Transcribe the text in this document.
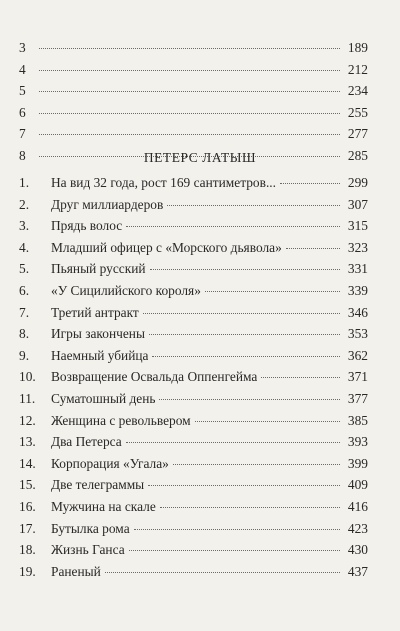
3	189
4	212
5	234
6	255
7	277
8	285
ПЕТЕРС ЛАТЫШ
1.	На вид 32 года, рост 169 сантиметров...	299
2.	Друг миллиардеров	307
3.	Прядь волос	315
4.	Младший офицер с «Морского дьявола»	323
5.	Пьяный русский	331
6.	«У Сицилийского короля»	339
7.	Третий антракт	346
8.	Игры закончены	353
9.	Наемный убийца	362
10.	Возвращение Освальда Оппенгейма	371
11.	Суматошный день	377
12.	Женщина с револьвером	385
13.	Два Петерса	393
14.	Корпорация «Угала»	399
15.	Две телеграммы	409
16.	Мужчина на скале	416
17.	Бутылка рома	423
18.	Жизнь Ганса	430
19.	Раненый	437
